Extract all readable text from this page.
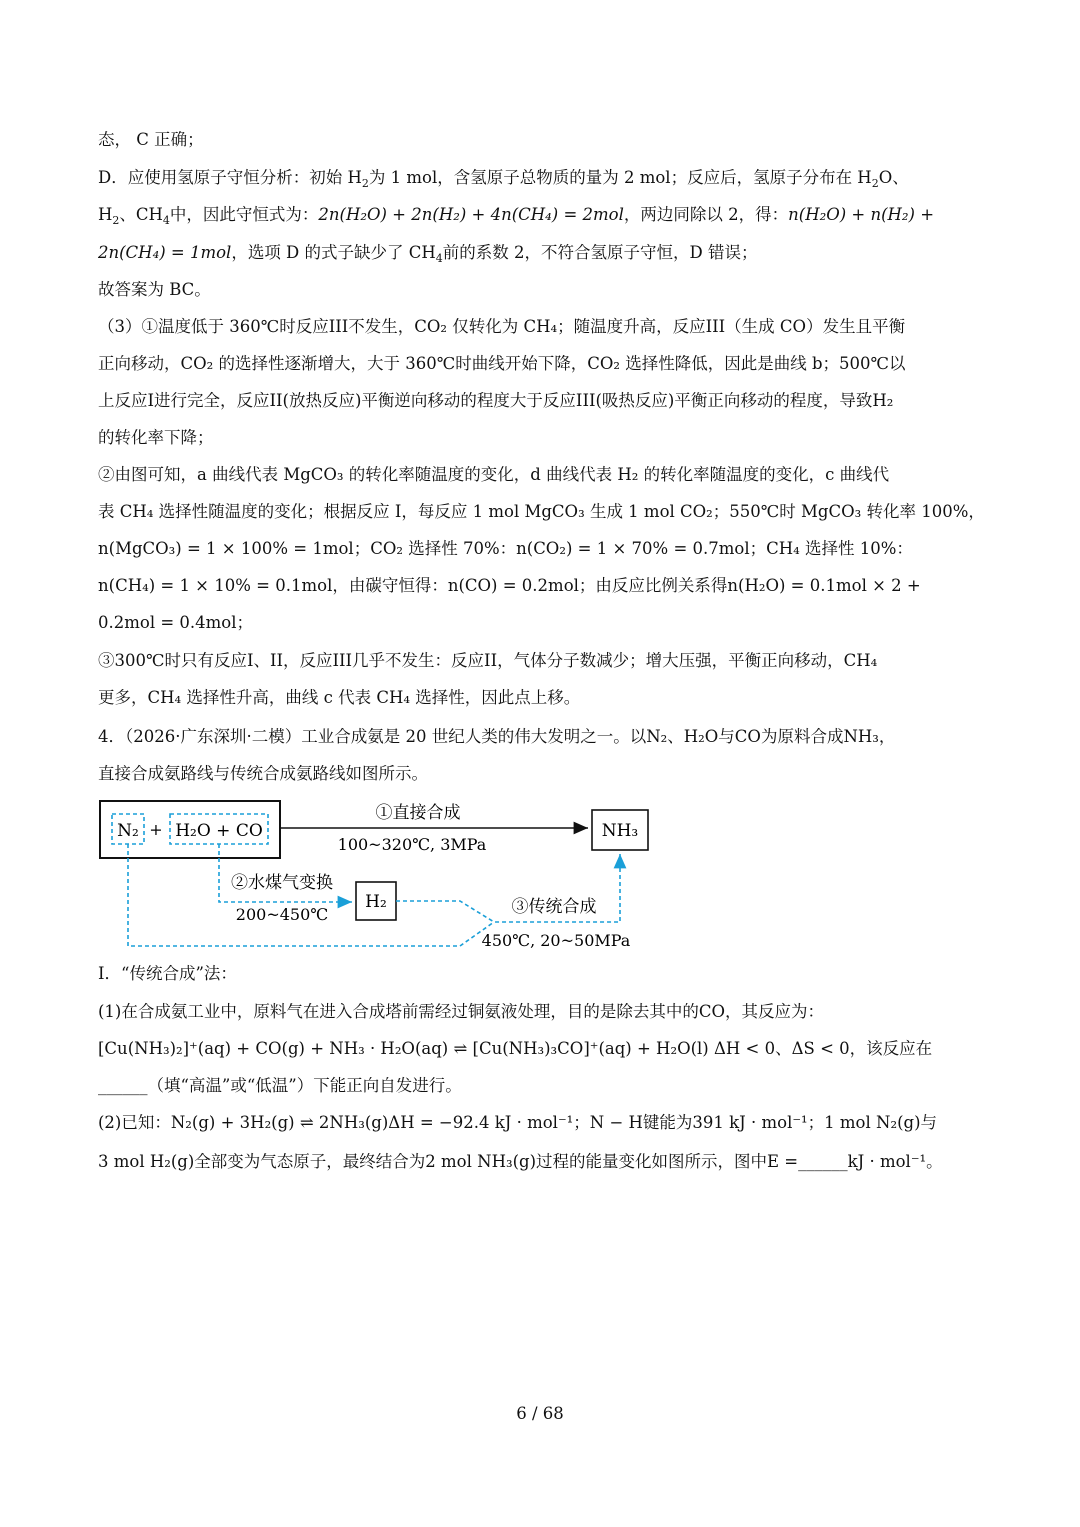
态， C 正确；
D．应使用氢原子守恒分析：初始 $H_2$为 1 mol，含氢原子总物质的量为 2 mol；反应后，氢原子分布在 $H_2O$、
$H_2$、$CH_4$中，因此守恒式为：2n(H₂O) + 2n(H₂) + 4n(CH₄) = 2mol，两边同除以 2，得：n(H₂O) + n(H₂) +
2n(CH₄) = 1mol，选项 D 的式子缺少了 $CH_4$前的系数 2，不符合氢原子守恒，D 错误；
故答案为 BC。
（3）①温度低于 360℃时反应III不发生，CO₂ 仅转化为 CH₄；随温度升高，反应III（生成 CO）发生且平衡
正向移动，CO₂ 的选择性逐渐增大，大于 360℃时曲线开始下降，CO₂ 选择性降低，因此是曲线 b；500℃以
上反应I进行完全，反应II(放热反应)平衡逆向移动的程度大于反应III(吸热反应)平衡正向移动的程度，导致H₂
的转化率下降；
②由图可知，a 曲线代表 MgCO₃ 的转化率随温度的变化，d 曲线代表 H₂ 的转化率随温度的变化，c 曲线代
表 CH₄ 选择性随温度的变化；根据反应 I，每反应 1 mol MgCO₃ 生成 1 mol CO₂；550℃时 MgCO₃ 转化率 100%，
n(MgCO₃) = 1 × 100% = 1mol；CO₂ 选择性 70%：n(CO₂) = 1 × 70% = 0.7mol；CH₄ 选择性 10%：
n(CH₄) = 1 × 10% = 0.1mol，由碳守恒得：n(CO) = 0.2mol；由反应比例关系得n(H₂O) = 0.1mol × 2 +
0.2mol = 0.4mol；
③300℃时只有反应I、II，反应III几乎不发生：反应II，气体分子数减少；增大压强，平衡正向移动，CH₄
更多，CH₄ 选择性升高，曲线 c 代表 CH₄ 选择性，因此点上移。
4．（2026·广东深圳·二模）工业合成氨是 20 世纪人类的伟大发明之一。以N₂、H₂O与CO为原料合成NH₃，
直接合成氨路线与传统合成氨路线如图所示。
N₂ + H₂O + CO
①直接合成
100~320℃, 3MPa
NH₃
②水煤气变换
200~450℃
H₂	③传统合成
450℃, 20~50MPa
I．“传统合成”法：
(1)在合成氨工业中，原料气在进入合成塔前需经过铜氨液处理，目的是除去其中的CO，其反应为：
[Cu(NH₃)₂]⁺(aq) + CO(g) + NH₃ · H₂O(aq) ⇌ [Cu(NH₃)₃CO]⁺(aq) + H₂O(l) ΔH < 0、ΔS < 0，该反应在
______（填“高温”或“低温”）下能正向自发进行。
(2)已知：N₂(g) + 3H₂(g) ⇌ 2NH₃(g)ΔH = −92.4 kJ · mol⁻¹；N − H键能为391 kJ · mol⁻¹；1 mol N₂(g)与
3 mol H₂(g)全部变为气态原子，最终结合为2 mol NH₃(g)过程的能量变化如图所示，图中E =______kJ · mol⁻¹。
6 / 68
